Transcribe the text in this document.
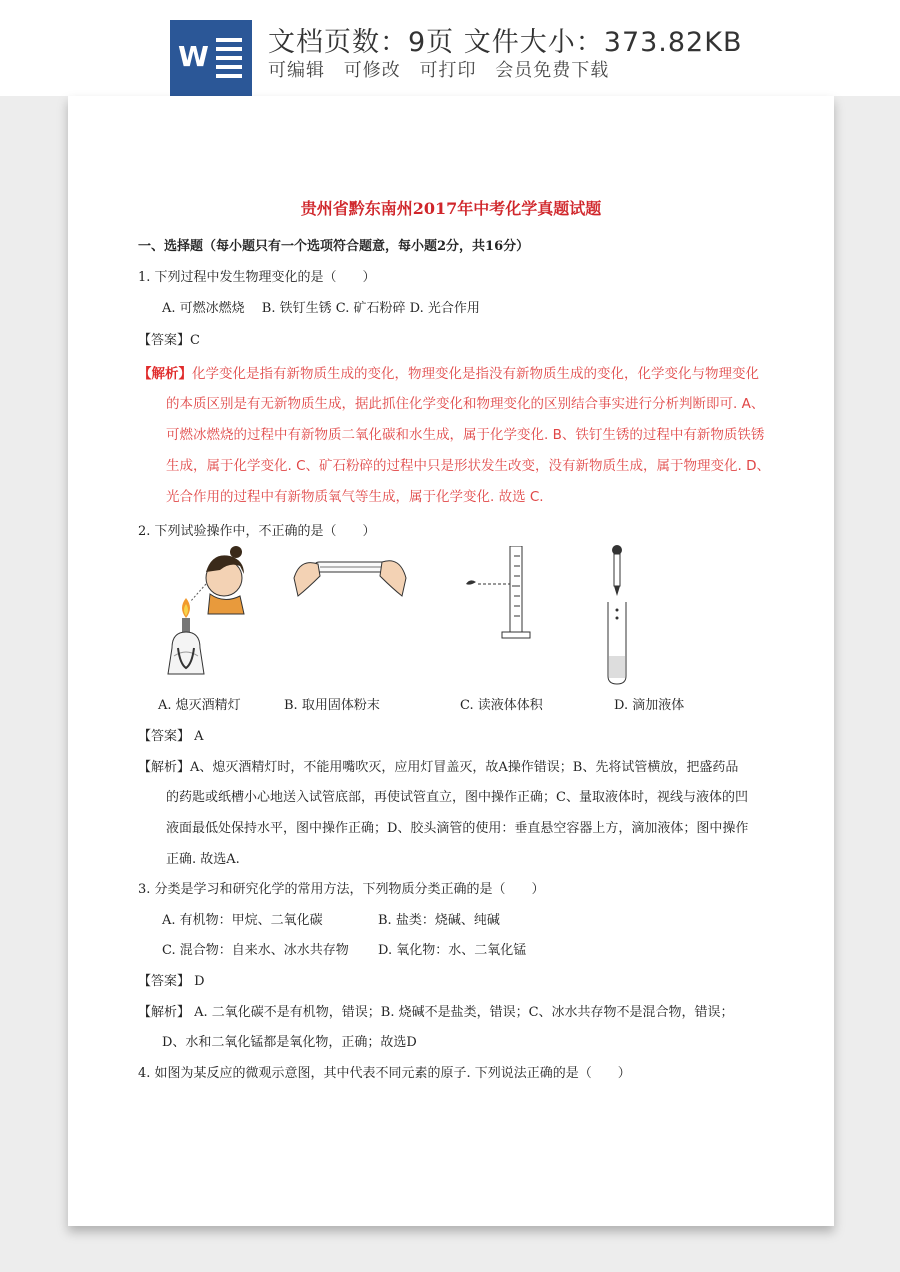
W 文档页数：9页 文件大小：373.82KB
可编辑 可修改 可打印 会员免费下载
贵州省黔东南州2017年中考化学真题试题
一、选择题（每小题只有一个选项符合题意，每小题2分，共16分）
1. 下列过程中发生物理变化的是（　　）
A. 可燃冰燃烧　 B. 铁钉生锈 C. 矿石粉碎 D. 光合作用
【答案】C
【解析】化学变化是指有新物质生成的变化，物理变化是指没有新物质生成的变化，化学变化与物理变化
的本质区别是有无新物质生成，据此抓住化学变化和物理变化的区别结合事实进行分析判断即可. A、
可燃冰燃烧的过程中有新物质二氧化碳和水生成，属于化学变化. B、铁钉生锈的过程中有新物质铁锈
生成，属于化学变化. C、矿石粉碎的过程中只是形状发生改变，没有新物质生成，属于物理变化. D、
光合作用的过程中有新物质氧气等生成，属于化学变化. 故选 C.
2. 下列试验操作中，不正确的是（　　）
A. 熄灭酒精灯	B. 取用固体粉末	C. 读液体体积	D. 滴加液体
【答案】 A
【解析】A、熄灭酒精灯时，不能用嘴吹灭，应用灯冒盖灭，故A操作错误；B、先将试管横放，把盛药品
的药匙或纸槽小心地送入试管底部，再使试管直立，图中操作正确；C、量取液体时，视线与液体的凹
液面最低处保持水平，图中操作正确；D、胶头滴管的使用：垂直悬空容器上方，滴加液体；图中操作
正确. 故选A.
3. 分类是学习和研究化学的常用方法，下列物质分类正确的是（　　）
A. 有机物：甲烷、二氧化碳	B. 盐类：烧碱、纯碱
C. 混合物：自来水、冰水共存物 D. 氧化物：水、二氧化锰
【答案】 D
【解析】 A. 二氧化碳不是有机物，错误；B. 烧碱不是盐类，错误；C、冰水共存物不是混合物，错误；
D、水和二氧化锰都是氧化物，正确；故选D
4. 如图为某反应的微观示意图，其中代表不同元素的原子. 下列说法正确的是（　　）
